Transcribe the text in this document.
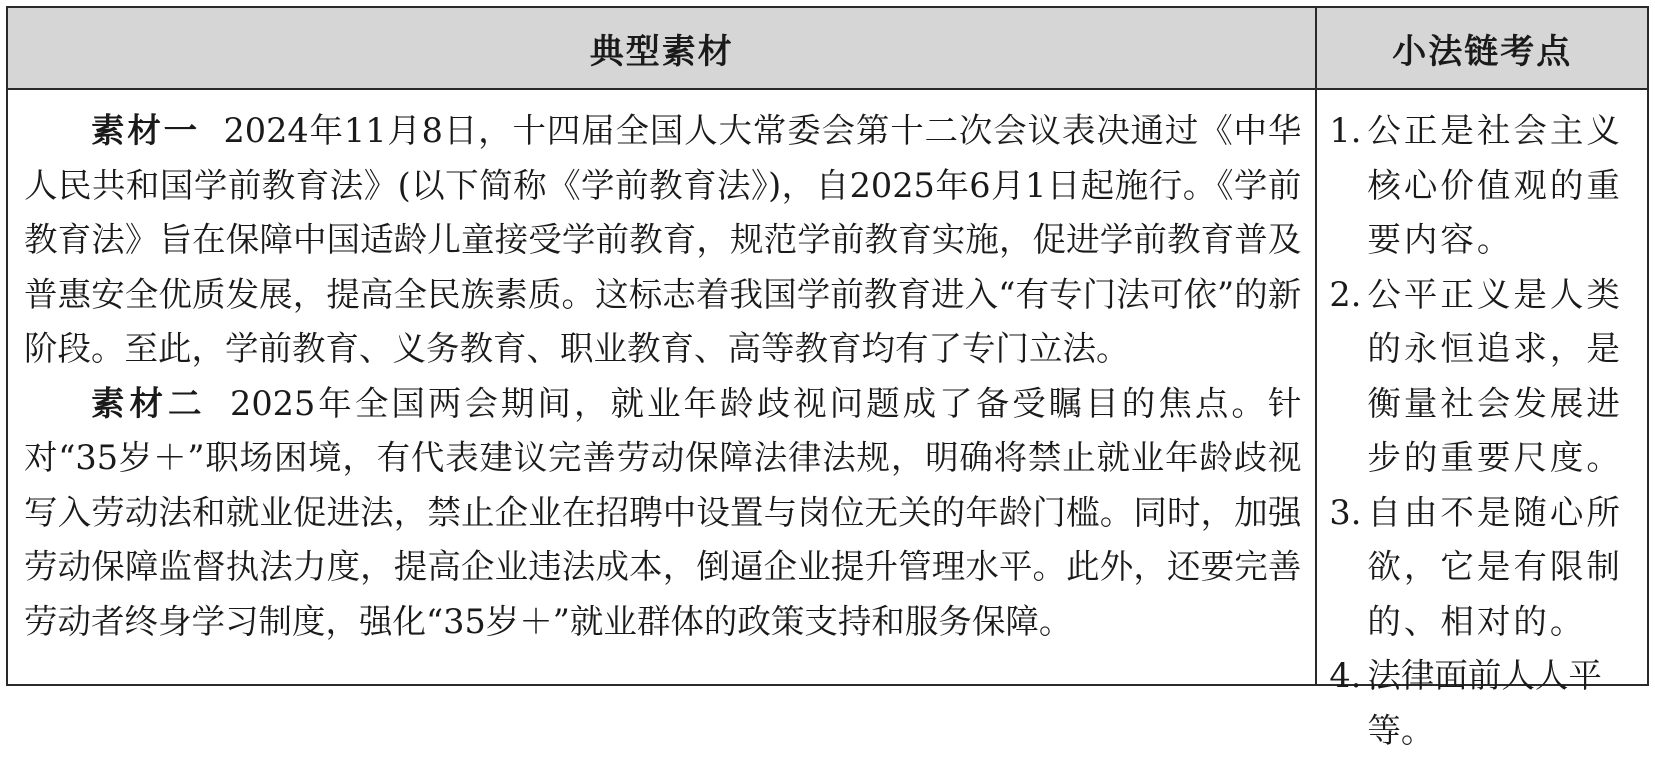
典型素材	小法链考点

素材一 2024年11月8日，十四届全国人大常委会第十二次会议表决通过《中华人民共和国学前教育法》(以下简称《学前教育法》)，自2025年6月1日起施行。《学前教育法》旨在保障中国适龄儿童接受学前教育，规范学前教育实施，促进学前教育普及普惠安全优质发展，提高全民族素质。这标志着我国学前教育进入“有专门法可依”的新阶段。至此，学前教育、义务教育、职业教育、高等教育均有了专门立法。

素材二 2025年全国两会期间，就业年龄歧视问题成了备受瞩目的焦点。针对“35岁＋”职场困境，有代表建议完善劳动保障法律法规，明确将禁止就业年龄歧视写入劳动法和就业促进法，禁止企业在招聘中设置与岗位无关的年龄门槛。同时，加强劳动保障监督执法力度，提高企业违法成本，倒逼企业提升管理水平。此外，还要完善劳动者终身学习制度，强化“35岁＋”就业群体的政策支持和服务保障。

1. 公正是社会主义核心价值观的重要内容。
2. 公平正义是人类的永恒追求，是衡量社会发展进步的重要尺度。
3. 自由不是随心所欲，它是有限制的、相对的。
4. 法律面前人人平等。
